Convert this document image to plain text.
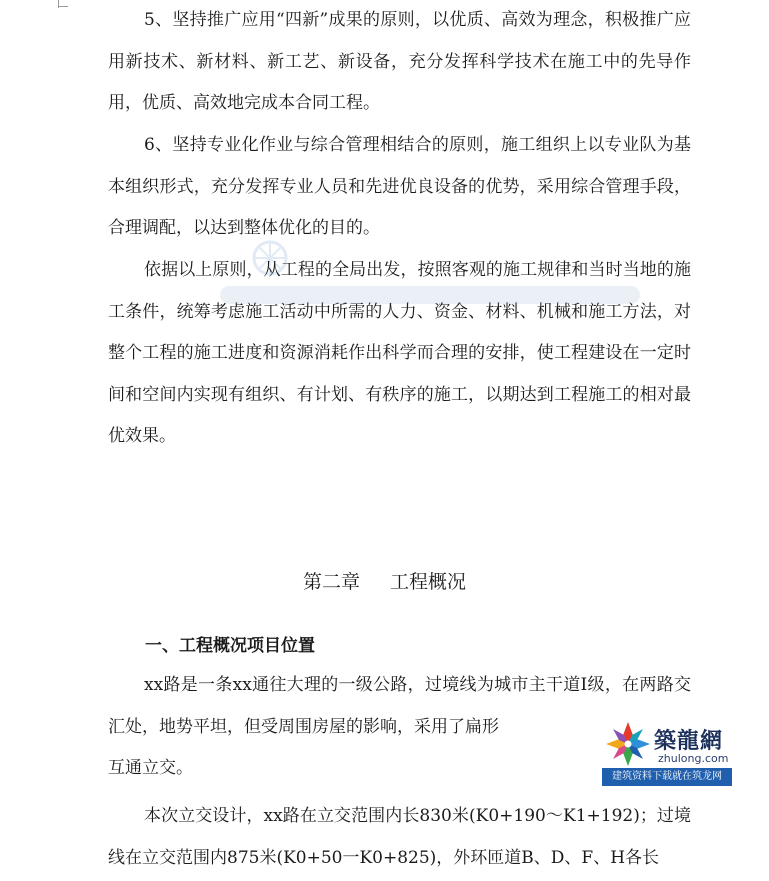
5、坚持推广应用“四新”成果的原则，以优质、高效为理念，积极推广应用新技术、新材料、新工艺、新设备，充分发挥科学技术在施工中的先导作用，优质、高效地完成本合同工程。

6、坚持专业化作业与综合管理相结合的原则，施工组织上以专业队为基本组织形式，充分发挥专业人员和先进优良设备的优势，采用综合管理手段，合理调配，以达到整体优化的目的。

依据以上原则，从工程的全局出发，按照客观的施工规律和当时当地的施工条件，统筹考虑施工活动中所需的人力、资金、材料、机械和施工方法，对整个工程的施工进度和资源消耗作出科学而合理的安排，使工程建设在一定时间和空间内实现有组织、有计划、有秩序的施工，以期达到工程施工的相对最优效果。

第二章 工程概况
一、工程概况项目位置

xx路是一条xx通往大理的一级公路，过境线为城市主干道Ⅰ级，在两路交汇处，地势平坦，但受周围房屋的影响，采用了扁形

互通立交。

本次立交设计，xx路在立交范围内长830米(K0+190～K1+192)；过境线在立交范围内875米(K0+50一K0+825)，外环匝道B、D、F、H各长

築龍網
zhulong.com
建筑资料下载就在筑龙网
